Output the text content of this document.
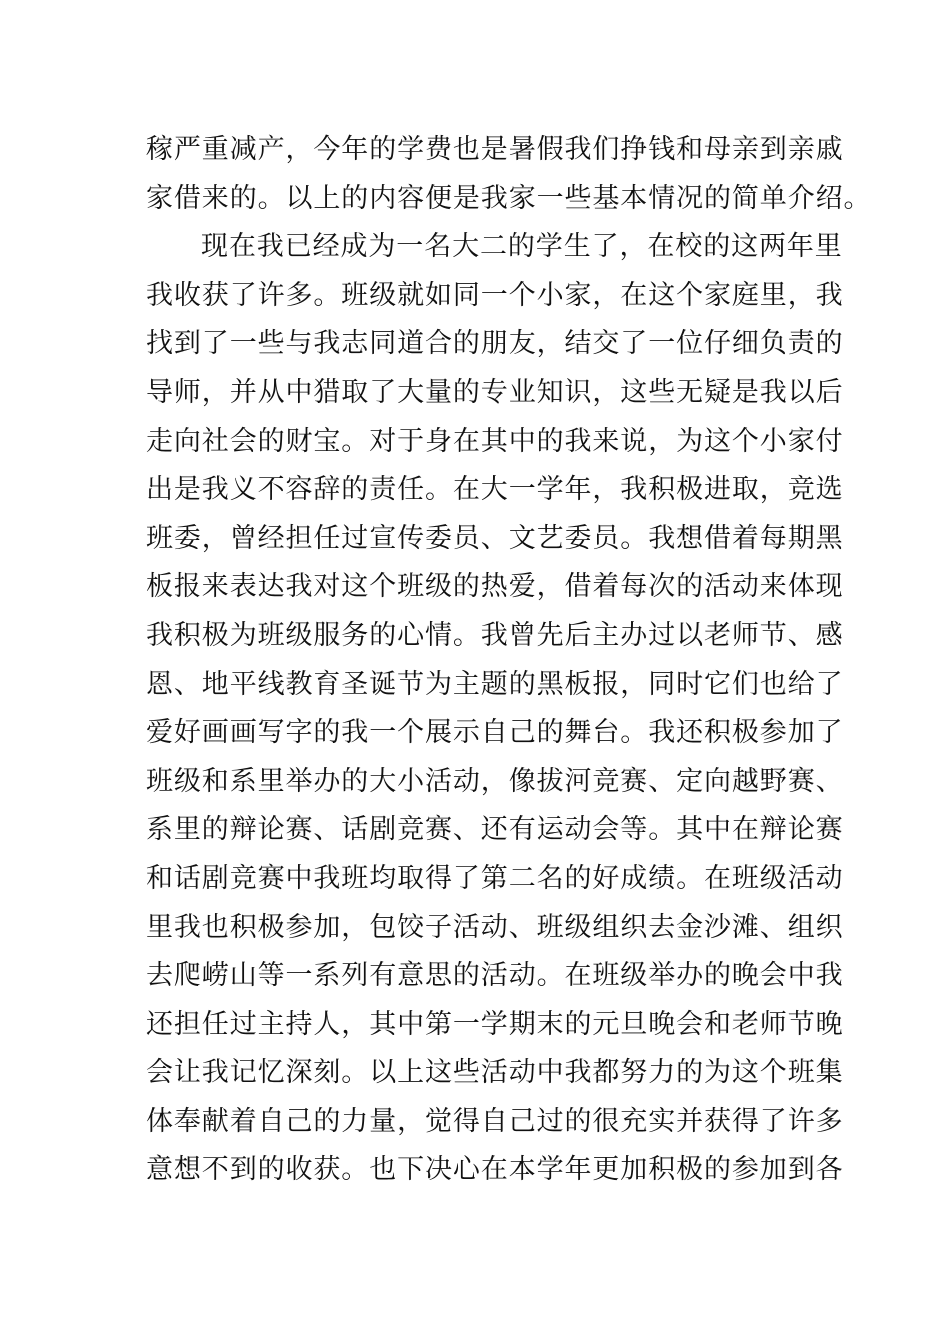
稼严重减产，今年的学费也是暑假我们挣钱和母亲到亲戚
家借来的。以上的内容便是我家一些基本情况的简单介绍。
现在我已经成为一名大二的学生了，在校的这两年里
我收获了许多。班级就如同一个小家，在这个家庭里，我
找到了一些与我志同道合的朋友，结交了一位仔细负责的
导师，并从中猎取了大量的专业知识，这些无疑是我以后
走向社会的财宝。对于身在其中的我来说，为这个小家付
出是我义不容辞的责任。在大一学年，我积极进取，竞选
班委，曾经担任过宣传委员、文艺委员。我想借着每期黑
板报来表达我对这个班级的热爱，借着每次的活动来体现
我积极为班级服务的心情。我曾先后主办过以老师节、感
恩、地平线教育圣诞节为主题的黑板报，同时它们也给了
爱好画画写字的我一个展示自己的舞台。我还积极参加了
班级和系里举办的大小活动，像拔河竞赛、定向越野赛、
系里的辩论赛、话剧竞赛、还有运动会等。其中在辩论赛
和话剧竞赛中我班均取得了第二名的好成绩。在班级活动
里我也积极参加，包饺子活动、班级组织去金沙滩、组织
去爬崂山等一系列有意思的活动。在班级举办的晚会中我
还担任过主持人，其中第一学期末的元旦晚会和老师节晚
会让我记忆深刻。以上这些活动中我都努力的为这个班集
体奉献着自己的力量，觉得自己过的很充实并获得了许多
意想不到的收获。也下决心在本学年更加积极的参加到各
